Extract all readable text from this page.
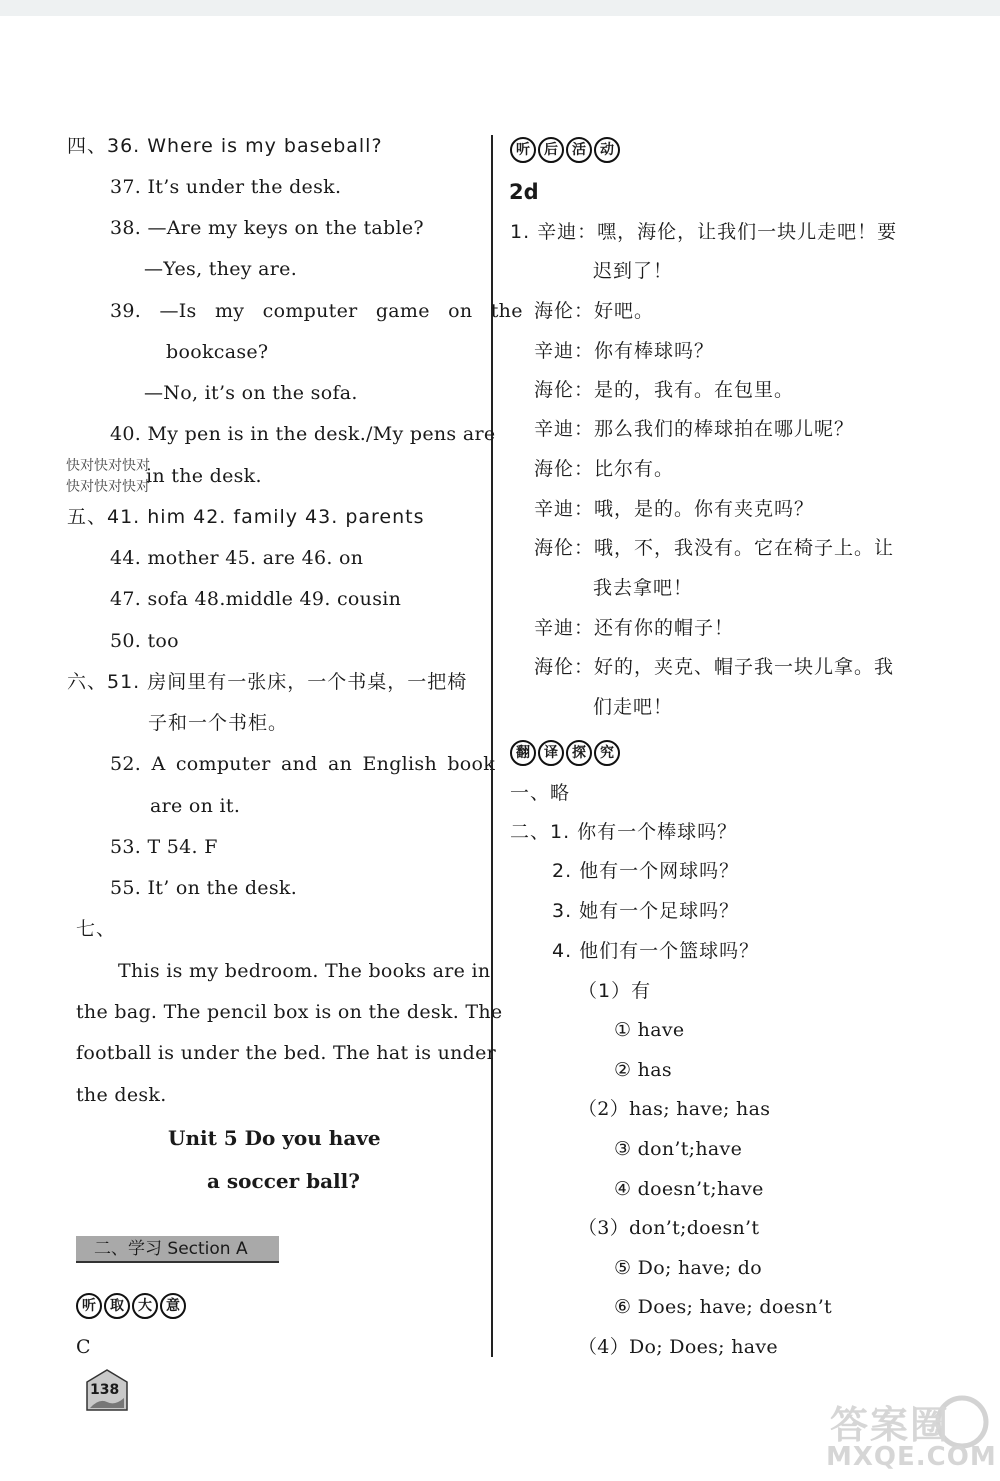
四、36. Where is my baseball?
37. It’s under the desk.
38. —Are my keys on the table?
—Yes, they are.
39. —Is my computer game on the
bookcase?
—No, it’s on the sofa.
40. My pen is in the desk./My pens are
in the desk.
快对快对快对
快对快对快对
五、41. him 42. family 43. parents
44. mother 45. are 46. on
47. sofa 48.middle 49. cousin
50. too
六、51. 房间里有一张床，一个书桌，一把椅
子和一个书柜。
52. A computer and an English book
are on it.
53. T 54. F
55. It’ on the desk.
七、
This is my bedroom. The books are in
the bag. The pencil box is on the desk. The
football is under the bed. The hat is under
the desk.
Unit 5 Do you have
a soccer ball?
二、学习 Section A
听	取	大	意
C
138
听	后	活	动
2d
1. 辛迪：嘿，海伦，让我们一块儿走吧！要
迟到了！
海伦：好吧。
辛迪：你有棒球吗？
海伦：是的，我有。在包里。
辛迪：那么我们的棒球拍在哪儿呢？
海伦：比尔有。
辛迪：哦，是的。你有夹克吗？
海伦：哦，不，我没有。它在椅子上。让
我去拿吧！
辛迪：还有你的帽子！
海伦：好的，夹克、帽子我一块儿拿。我
们走吧！
翻	译	探	究
一、略
二、1. 你有一个棒球吗？
2. 他有一个网球吗？
3. 她有一个足球吗？
4. 他们有一个篮球吗？
（1）有
① have
② has
（2）has; have; has
③ don’t;have
④ doesn’t;have
（3）don’t;doesn’t
⑤ Do; have; do
⑥ Does; have; doesn’t
（4）Do; Does; have
答案圈
MXQE.COM
